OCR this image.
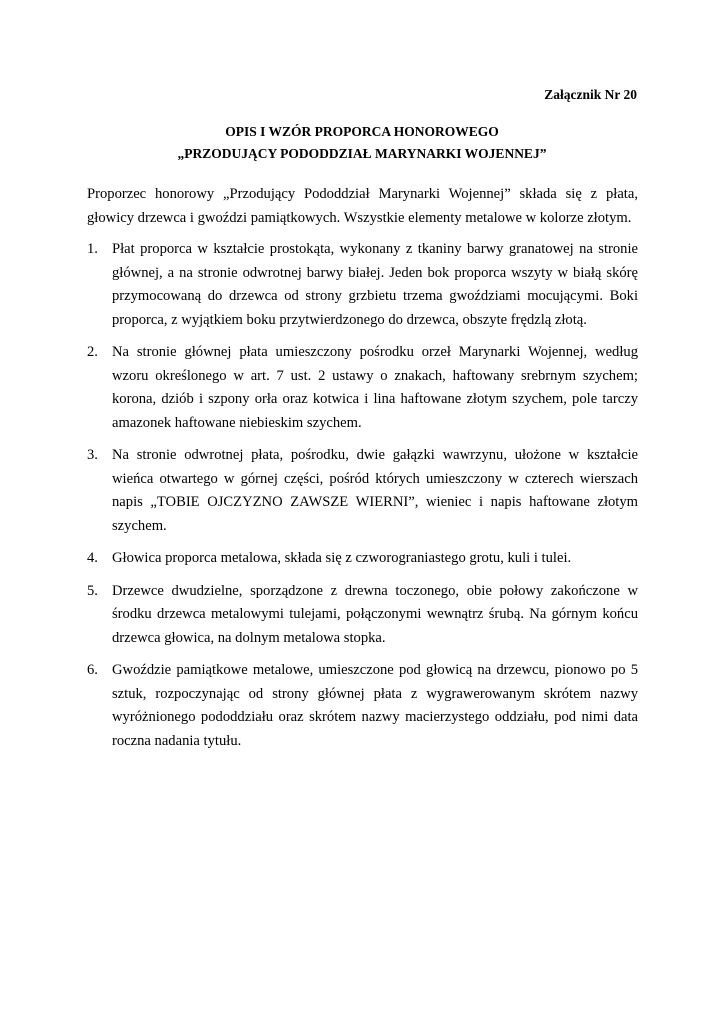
Załącznik Nr 20
OPIS I WZÓR PROPORCA HONOROWEGO
„PRZODUJĄCY PODODDZIAŁ MARYNARKI WOJENNEJ”
Proporzec honorowy „Przodujący Pododdział Marynarki Wojennej” składa się z płata, głowicy drzewca i gwoździ pamiątkowych. Wszystkie elementy metalowe w kolorze złotym.
1. Płat proporca w kształcie prostokąta, wykonany z tkaniny barwy granatowej na stronie głównej, a na stronie odwrotnej barwy białej. Jeden bok proporca wszyty w białą skórę przymocowaną do drzewca od strony grzbietu trzema gwoździami mocującymi. Boki proporca, z wyjątkiem boku przytwierdzonego do drzewca, obszyte frędzlą złotą.
2. Na stronie głównej płata umieszczony pośrodku orzeł Marynarki Wojennej, według wzoru określonego w art. 7 ust. 2 ustawy o znakach, haftowany srebrnym szychem; korona, dziób i szpony orła oraz kotwica i lina haftowane złotym szychem, pole tarczy amazonek haftowane niebieskim szychem.
3. Na stronie odwrotnej płata, pośrodku, dwie gałązki wawrzynu, ułożone w kształcie wieńca otwartego w górnej części, pośród których umieszczony w czterech wierszach napis „TOBIE OJCZYZNO ZAWSZE WIERNI”, wieniec i napis haftowane złotym szychem.
4. Głowica proporca metalowa, składa się z czworograniastego grotu, kuli i tulei.
5. Drzewce dwudzielne, sporządzone z drewna toczonego, obie połowy zakończone w środku drzewca metalowymi tulejami, połączonymi wewnątrz śrubą. Na górnym końcu drzewca głowica, na dolnym metalowa stopka.
6. Gwoździe pamiątkowe metalowe, umieszczone pod głowicą na drzewcu, pionowo po 5 sztuk, rozpoczynając od strony głównej płata z wygrawerowanym skrótem nazwy wyróżnionego pododdziału oraz skrótem nazwy macierzystego oddziału, pod nimi data roczna nadania tytułu.
